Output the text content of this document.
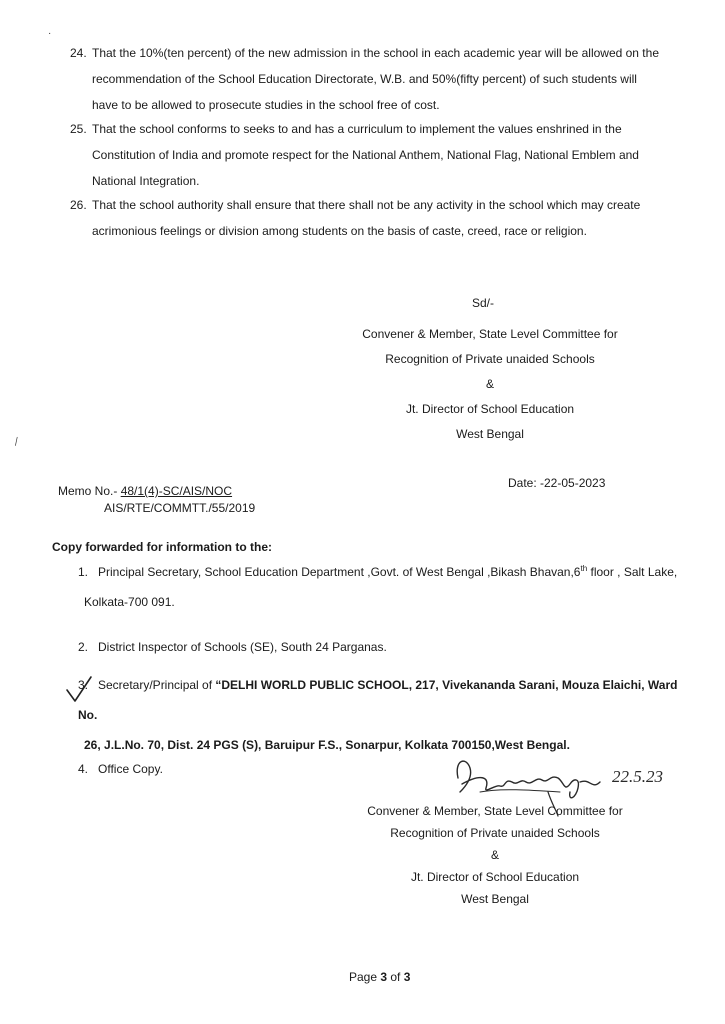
·
⁄
24. That the 10%(ten percent) of the new admission in the school in each academic year will be allowed on the
recommendation of the School Education Directorate, W.B. and 50%(fifty percent) of such students will
have to be allowed to prosecute studies in the school free of cost.
25. That the school conforms to seeks to and has a curriculum to implement the values enshrined in the
Constitution of India and promote respect for the National Anthem, National Flag, National Emblem and
National Integration.
26. That the school authority shall ensure that there shall not be any activity in the school which may create
acrimonious feelings or division among students on the basis of caste, creed, race or religion.
Sd/-
Convener & Member, State Level Committee for
Recognition of Private unaided Schools
&
Jt. Director of School Education
West Bengal
Memo No.- 48/1(4)-SC/AIS/NOC
AIS/RTE/COMMTT./55/2019
Date: -22-05-2023
Copy forwarded for information to the:
1. Principal Secretary, School Education Department ,Govt. of West Bengal ,Bikash Bhavan,6th floor , Salt Lake,
Kolkata-700 091.
2. District Inspector of Schools (SE), South 24 Parganas.
3. Secretary/Principal of “DELHI WORLD PUBLIC SCHOOL, 217, Vivekananda Sarani, Mouza Elaichi, Ward No.
26, J.L.No. 70, Dist. 24 PGS (S), Baruipur F.S., Sonarpur, Kolkata 700150,West Bengal.
4. Office Copy.	22.5.23
Convener & Member, State Level Committee for
Recognition of Private unaided Schools
&
Jt. Director of School Education
West Bengal
Page 3 of 3
